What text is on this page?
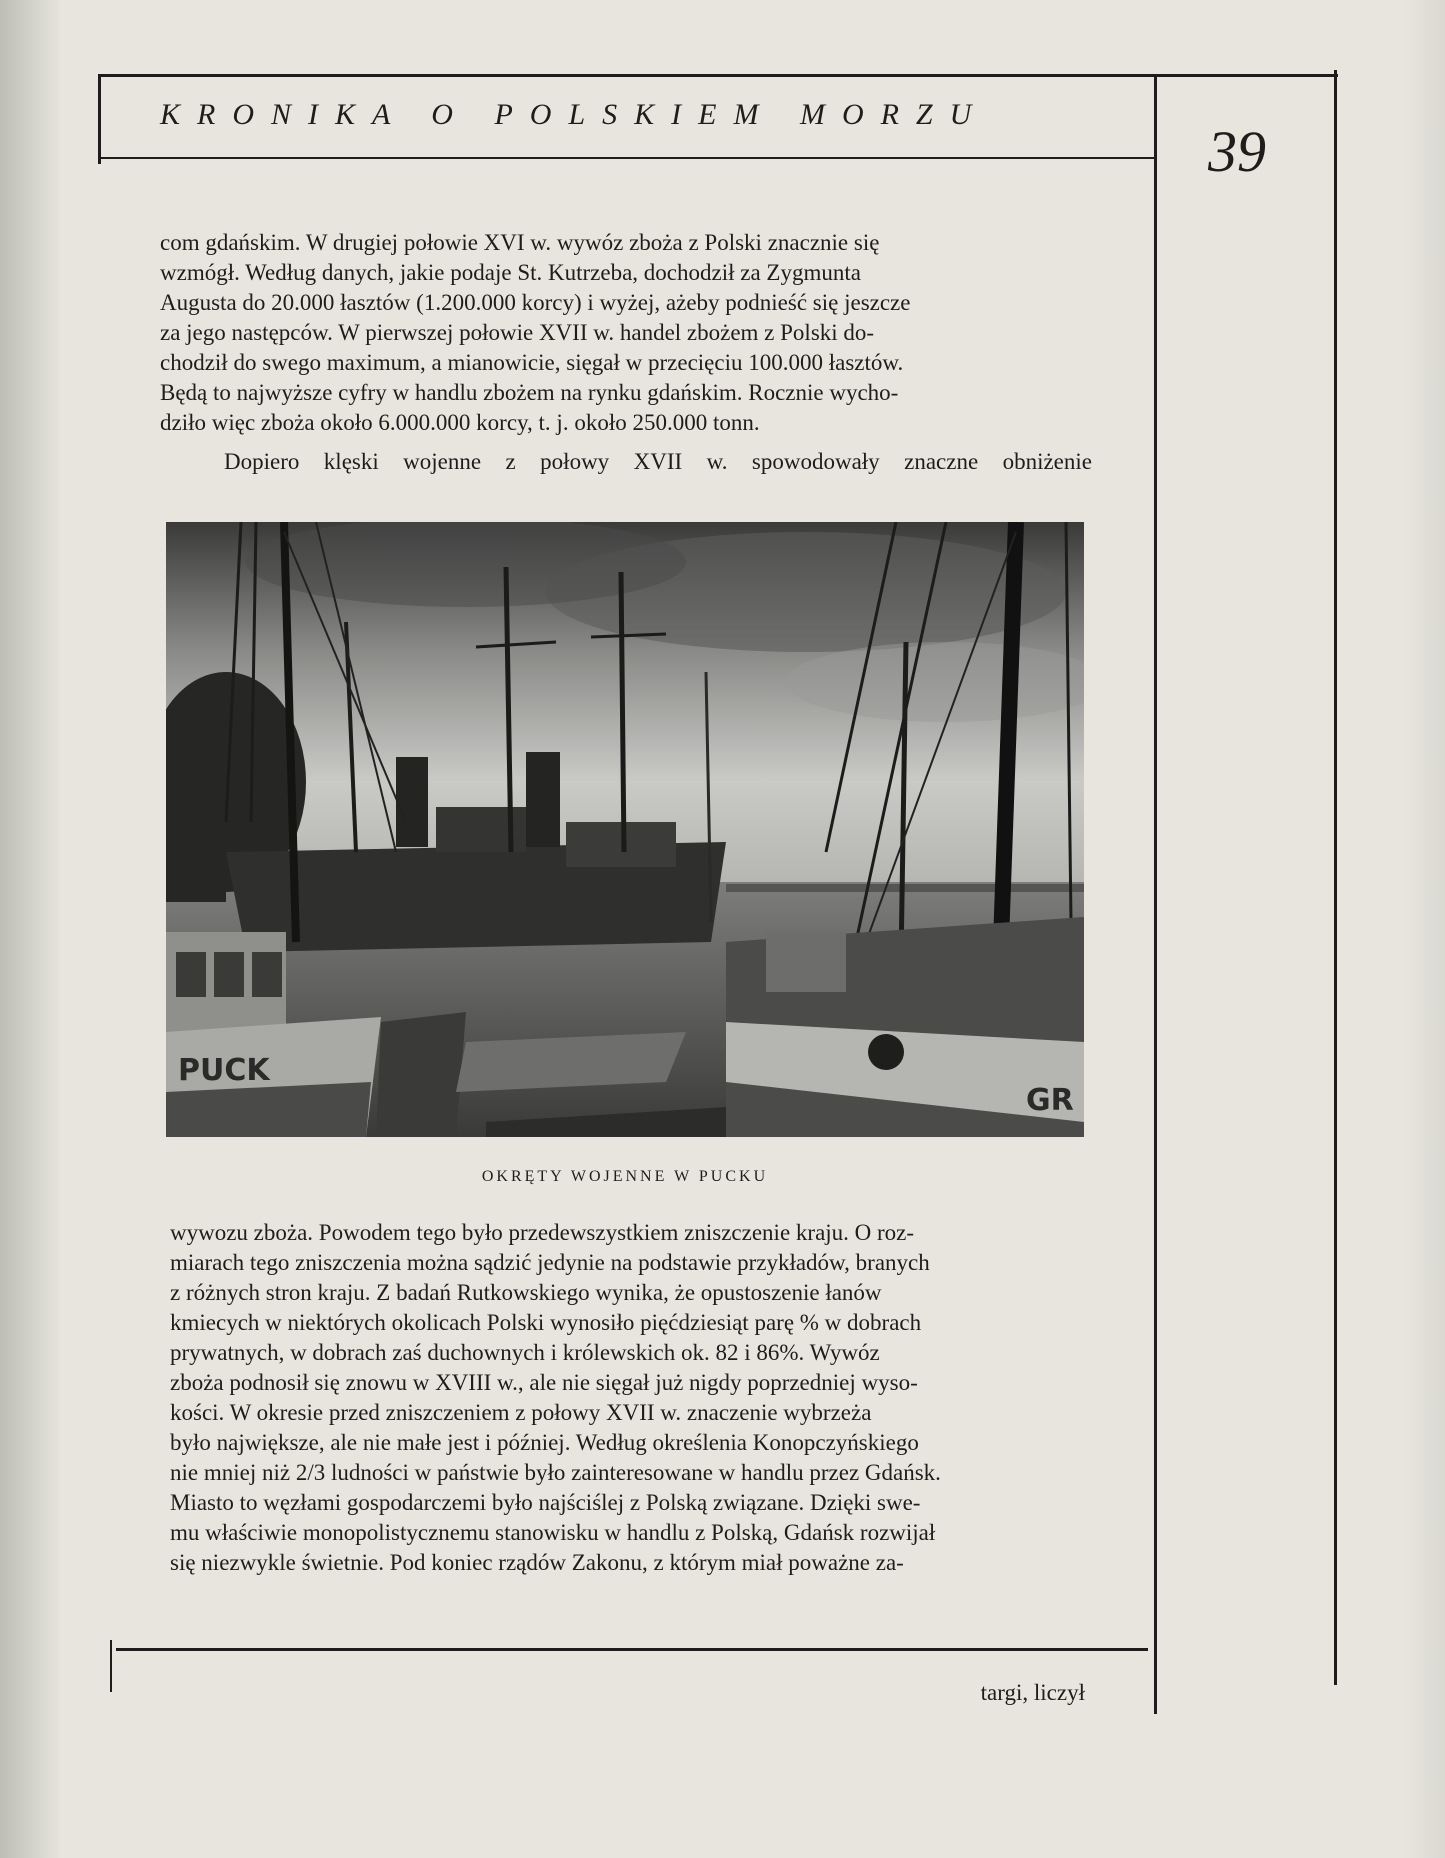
KRONIKA O POLSKIEM MORZU
39

com gdańskim. W drugiej połowie XVI w. wywóz zboża z Polski znacznie się
wzmógł. Według danych, jakie podaje St. Kutrzeba, dochodził za Zygmunta
Augusta do 20.000 łasztów (1.200.000 korcy) i wyżej, ażeby podnieść się jeszcze
za jego następców. W pierwszej połowie XVII w. handel zbożem z Polski do-
chodził do swego maximum, a mianowicie, sięgał w przecięciu 100.000 łasztów.
Będą to najwyższe cyfry w handlu zbożem na rynku gdańskim. Rocznie wycho-
dziło więc zboża około 6.000.000 korcy, t. j. około 250.000 tonn.

Dopiero klęski wojenne z połowy XVII w. spowodowały znaczne obniżenie

PUCK
GR
OKRĘTY WOJENNE W PUCKU

wywozu zboża. Powodem tego było przedewszystkiem zniszczenie kraju. O roz-
miarach tego zniszczenia można sądzić jedynie na podstawie przykładów, branych
z różnych stron kraju. Z badań Rutkowskiego wynika, że opustoszenie łanów
kmiecych w niektórych okolicach Polski wynosiło pięćdziesiąt parę % w dobrach
prywatnych, w dobrach zaś duchownych i królewskich ok. 82 i 86%. Wywóz
zboża podnosił się znowu w XVIII w., ale nie sięgał już nigdy poprzedniej wyso-
kości. W okresie przed zniszczeniem z połowy XVII w. znaczenie wybrzeża
było największe, ale nie małe jest i później. Według określenia Konopczyńskiego
nie mniej niż 2/3 ludności w państwie było zainteresowane w handlu przez Gdańsk.
Miasto to węzłami gospodarczemi było najściślej z Polską związane. Dzięki swe-
mu właściwie monopolistycznemu stanowisku w handlu z Polską, Gdańsk rozwijał
się niezwykle świetnie. Pod koniec rządów Zakonu, z którym miał poważne za-

targi, liczył
